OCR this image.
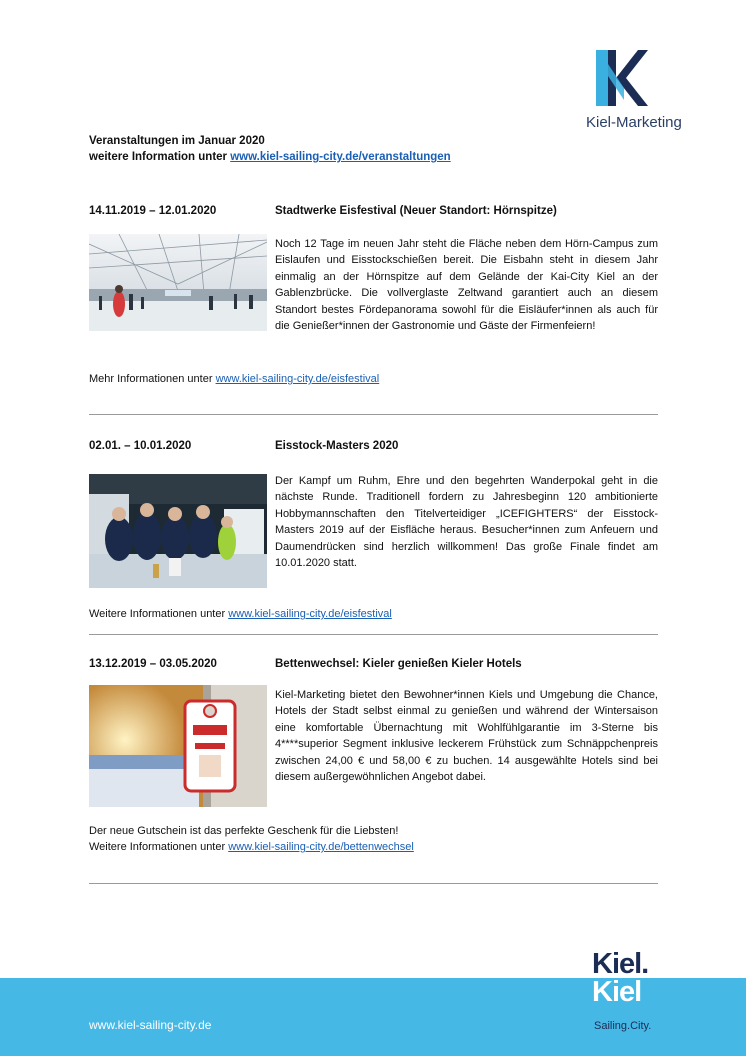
Kiel-Marketing
Veranstaltungen im Januar 2020
weitere Information unter www.kiel-sailing-city.de/veranstaltungen
14.11.2019 – 12.01.2020	Stadtwerke Eisfestival (Neuer Standort: Hörnspitze)
Noch 12 Tage im neuen Jahr steht die Fläche neben dem Hörn-Campus zum Eislaufen und Eisstockschießen bereit. Die Eisbahn steht in diesem Jahr einmalig an der Hörnspitze auf dem Gelände der Kai-City Kiel an der Gablenzbrücke. Die vollverglaste Zeltwand garantiert auch an diesem Standort bestes Fördepanorama sowohl für die Eisläufer*innen als auch für die Genießer*innen der Gastronomie und Gäste der Firmenfeiern!
Mehr Informationen unter www.kiel-sailing-city.de/eisfestival
02.01. – 10.01.2020	Eisstock-Masters 2020
Der Kampf um Ruhm, Ehre und den begehrten Wanderpokal geht in die nächste Runde. Traditionell fordern zu Jahresbeginn 120 ambitionierte Hobbymannschaften den Titelverteidiger „ICEFIGHTERS“ der Eisstock-Masters 2019 auf der Eisfläche heraus. Besucher*innen zum Anfeuern und Daumendrücken sind herzlich willkommen! Das große Finale findet am 10.01.2020 statt.
Weitere Informationen unter www.kiel-sailing-city.de/eisfestival
13.12.2019 – 03.05.2020	Bettenwechsel: Kieler genießen Kieler Hotels
Kiel-Marketing bietet den Bewohner*innen Kiels und Umgebung die Chance, Hotels der Stadt selbst einmal zu genießen und während der Wintersaison eine komfortable Übernachtung mit Wohlfühlgarantie im 3-Sterne bis 4****superior Segment inklusive leckerem Frühstück zum Schnäppchenpreis zwischen 24,00 € und 58,00 € zu buchen. 14 ausgewählte Hotels sind bei diesem außergewöhnlichen Angebot dabei.
Der neue Gutschein ist das perfekte Geschenk für die Liebsten!
Weitere Informationen unter www.kiel-sailing-city.de/bettenwechsel
www.kiel-sailing-city.de
Kiel.
Kiel
Sailing.City.
